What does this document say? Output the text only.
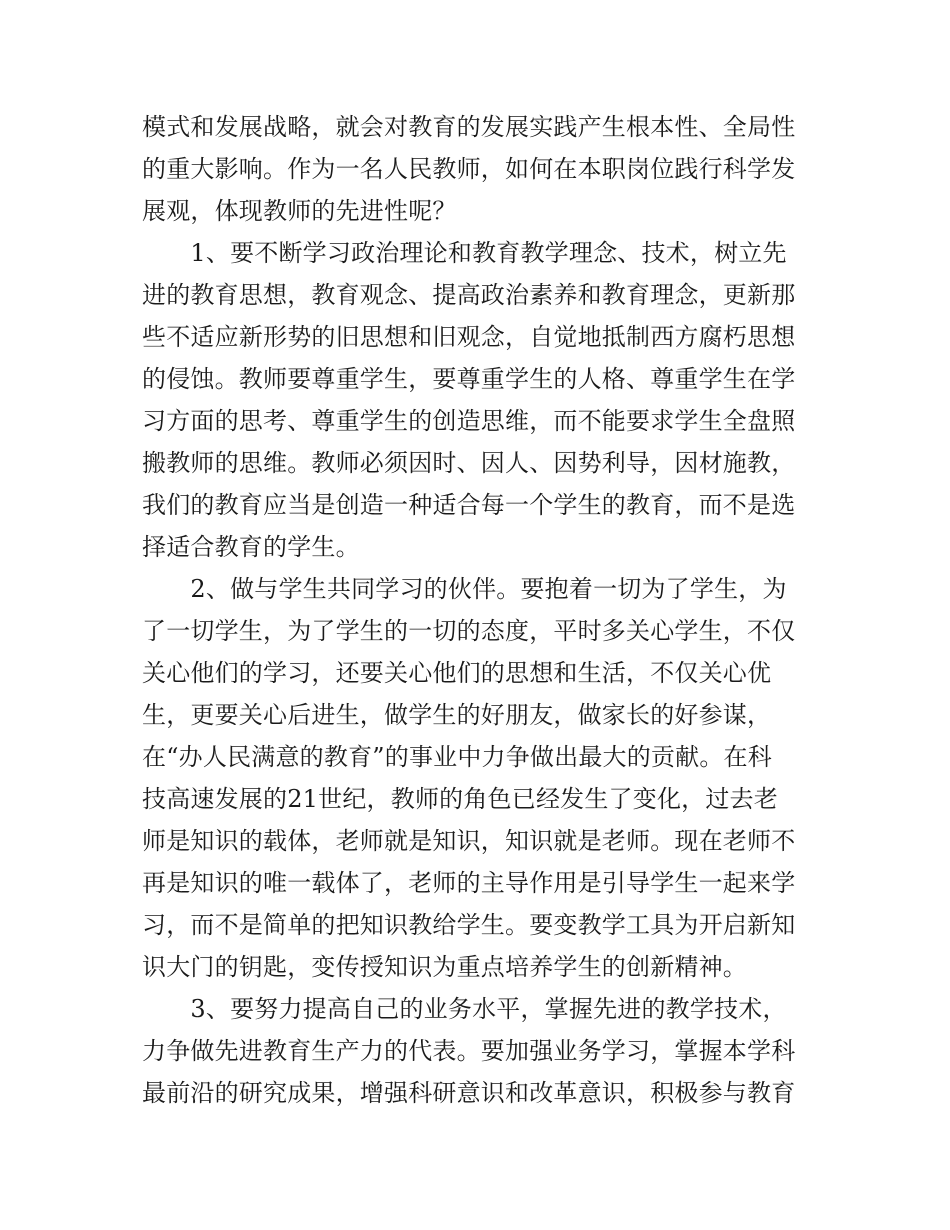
模式和发展战略，就会对教育的发展实践产生根本性、全局性
的重大影响。作为一名人民教师，如何在本职岗位践行科学发
展观，体现教师的先进性呢？
　　1、要不断学习政治理论和教育教学理念、技术，树立先
进的教育思想，教育观念、提高政治素养和教育理念，更新那
些不适应新形势的旧思想和旧观念，自觉地抵制西方腐朽思想
的侵蚀。教师要尊重学生，要尊重学生的人格、尊重学生在学
习方面的思考、尊重学生的创造思维，而不能要求学生全盘照
搬教师的思维。教师必须因时、因人、因势利导，因材施教，
我们的教育应当是创造一种适合每一个学生的教育，而不是选
择适合教育的学生。
　　2、做与学生共同学习的伙伴。要抱着一切为了学生，为
了一切学生，为了学生的一切的态度，平时多关心学生，不仅
关心他们的学习，还要关心他们的思想和生活，不仅关心优
生，更要关心后进生，做学生的好朋友，做家长的好参谋，
在“办人民满意的教育”的事业中力争做出最大的贡献。在科
技高速发展的21世纪，教师的角色已经发生了变化，过去老
师是知识的载体，老师就是知识，知识就是老师。现在老师不
再是知识的唯一载体了，老师的主导作用是引导学生一起来学
习，而不是简单的把知识教给学生。要变教学工具为开启新知
识大门的钥匙，变传授知识为重点培养学生的创新精神。
　　3、要努力提高自己的业务水平，掌握先进的教学技术，
力争做先进教育生产力的代表。要加强业务学习，掌握本学科
最前沿的研究成果，增强科研意识和改革意识，积极参与教育
